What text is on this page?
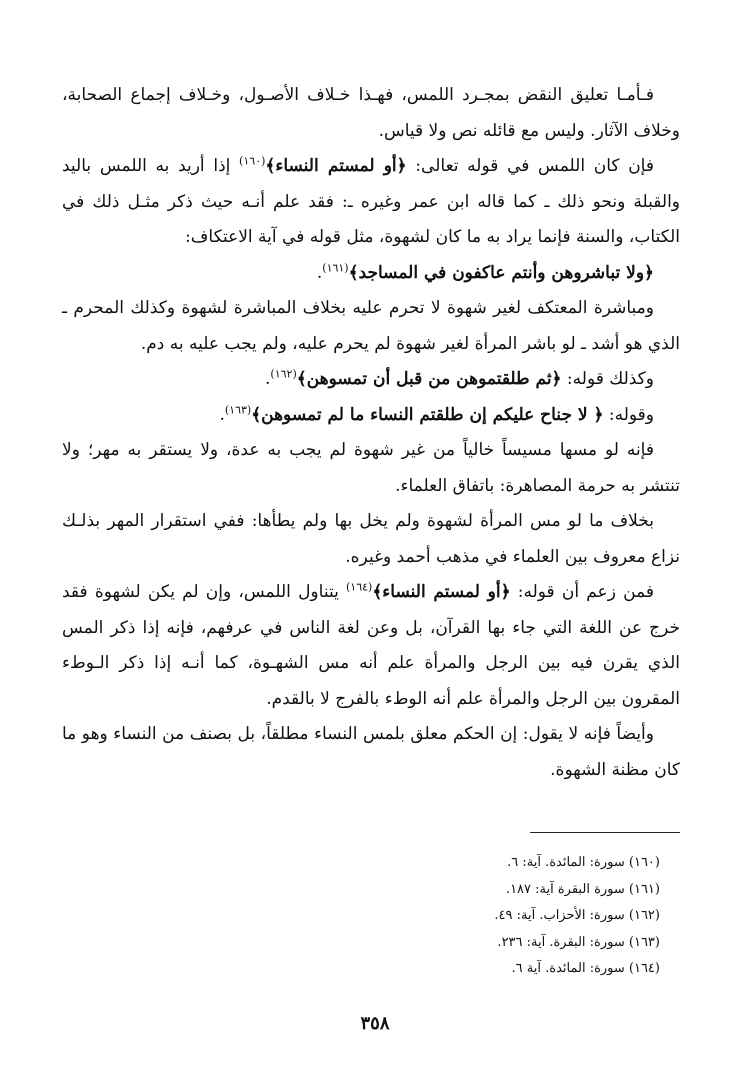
فـأمـا تعليق النقض بمجـرد اللمس، فهـذا خـلاف الأصـول، وخـلاف إجماع الصحابة، وخلاف الآثار. وليس مع قائله نص ولا قياس.

فإن كان اللمس في قوله تعالى: ﴿أو لمستم النساء﴾$^{(١٦٠)}$ إذا أريد به اللمس باليد والقبلة ونحو ذلك ـ كما قاله ابن عمر وغيره ـ: فقد علم أنـه حيث ذكر مثـل ذلك في الكتاب، والسنة فإنما يراد به ما كان لشهوة، مثل قوله في آية الاعتكاف:

﴿ولا تباشروهن وأنتم عاكفون في المساجد﴾$^{(١٦١)}$.

ومباشرة المعتكف لغير شهوة لا تحرم عليه بخلاف المباشرة لشهوة وكذلك المحرم ـ الذي هو أشد ـ لو باشر المرأة لغير شهوة لم يحرم عليه، ولم يجب عليه به دم.

وكذلك قوله: ﴿ثم طلقتموهن من قبل أن تمسوهن﴾$^{(١٦٢)}$.

وقوله: ﴿ لا جناح عليكم إن طلقتم النساء ما لم تمسوهن﴾$^{(١٦٣)}$.

فإنه لو مسها مسيساً خالياً من غير شهوة لم يجب به عدة، ولا يستقر به مهر؛ ولا تنتشر به حرمة المصاهرة: باتفاق العلماء.

بخلاف ما لو مس المرأة لشهوة ولم يخل بها ولم يطأها: ففي استقرار المهر بذلـك نزاع معروف بين العلماء في مذهب أحمد وغيره.

فمن زعم أن قوله: ﴿أو لمستم النساء﴾$^{(١٦٤)}$ يتناول اللمس، وإن لم يكن لشهوة فقد خرج عن اللغة التي جاء بها القرآن، بل وعن لغة الناس في عرفهم، فإنه إذا ذكر المس الذي يقرن فيه بين الرجل والمرأة علم أنه مس الشهـوة، كما أنـه إذا ذكر الـوطء المقرون بين الرجل والمرأة علم أنه الوطء بالفرج لا بالقدم.

وأيضاً فإنه لا يقول: إن الحكم معلق بلمس النساء مطلقاً، بل بصنف من النساء وهو ما كان مظنة الشهوة.

(١٦٠) سورة: المائدة. آية: ٦.

(١٦١) سورة البقرة آية: ١٨٧.

(١٦٢) سورة: الأحزاب. آية: ٤٩.

(١٦٣) سورة: البقرة. آية: ٢٣٦.

(١٦٤) سورة: المائدة. آية ٦.

٣٥٨
